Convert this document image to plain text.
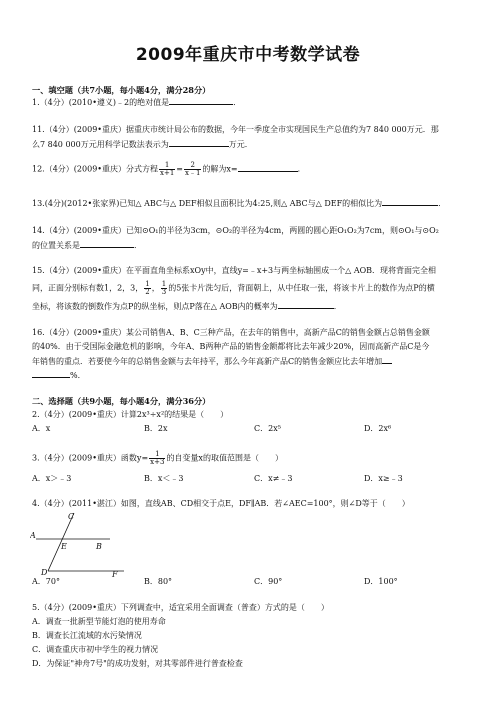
2009年重庆市中考数学试卷
一、填空题（共7小题，每小题4分，满分28分）
1.（4分）(2010•遵义)﹣2的绝对值是	．
11.（4分）(2009•重庆）据重庆市统计局公布的数据，今年一季度全市实现国民生产总值约为7 840 000万元．那
么7 840 000万元用科学记数法表示为	万元．
12.（4分）(2009•重庆）分式方程 $\frac{1}{x+1} = \frac{2}{x﹣1}$ 的解为x=	．
13.(4分)(2012•张家界)已知△ ABC与△ DEF相似且面积比为4:25,则△ ABC与△ DEF的相似比为	．
14.（4分）(2009•重庆）已知⊙O₁的半径为3cm，⊙O₂的半径为4cm，两圆的圆心距O₁O₂为7cm，则⊙O₁与⊙O₂
的位置关系是	．
15.（4分）(2009•重庆）在平面直角坐标系xOy中，直线y=﹣x+3与两坐标轴围成一个△ AOB．现将背面完全相
同，正面分别标有数1，2，3， $\frac{1}{2}$ ， $\frac{1}{3}$ 的5张卡片洗匀后，背面朝上，从中任取一张，将该卡片上的数作为点P的横
坐标，将该数的倒数作为点P的纵坐标，则点P落在△ AOB内的概率为	．
16.（4分）(2009•重庆）某公司销售A、B、C三种产品，在去年的销售中，高新产品C的销售金额占总销售金额
的40%．由于受国际金融危机的影响，今年A、B两种产品的销售金额都将比去年减少20%，因而高新产品C是今
年销售的重点．若要使今年的总销售金额与去年持平，那么今年高新产品C的销售金额应比去年增加
%．
二、选择题（共9小题，每小题4分，满分36分）
2.（4分）(2009•重庆）计算2x³÷x²的结果是（　　）
A．x	B．2x	C．2x⁵	D．2x⁶
3.（4分）(2009•重庆）函数$y= \frac{1}{x+3}$ 的自变量x的取值范围是（　　）
A．x＞﹣3	B．x＜﹣3	C．x≠﹣3	D．x≥﹣3
4.（4分）(2011•湛江）如图，直线AB、CD相交于点E，DF∥AB．若∠AEC=100°，则∠D等于（　　）
C
A
E	B
D	F
A．70°	B．80°	C．90°	D．100°
5.（4分）(2009•重庆）下列调查中，适宜采用全面调查（普查）方式的是（　　）
A．调查一批新型节能灯泡的使用寿命
B．调查长江流域的水污染情况
C．调查重庆市初中学生的视力情况
D．为保证"神舟7号"的成功发射，对其零部件进行普查检查
